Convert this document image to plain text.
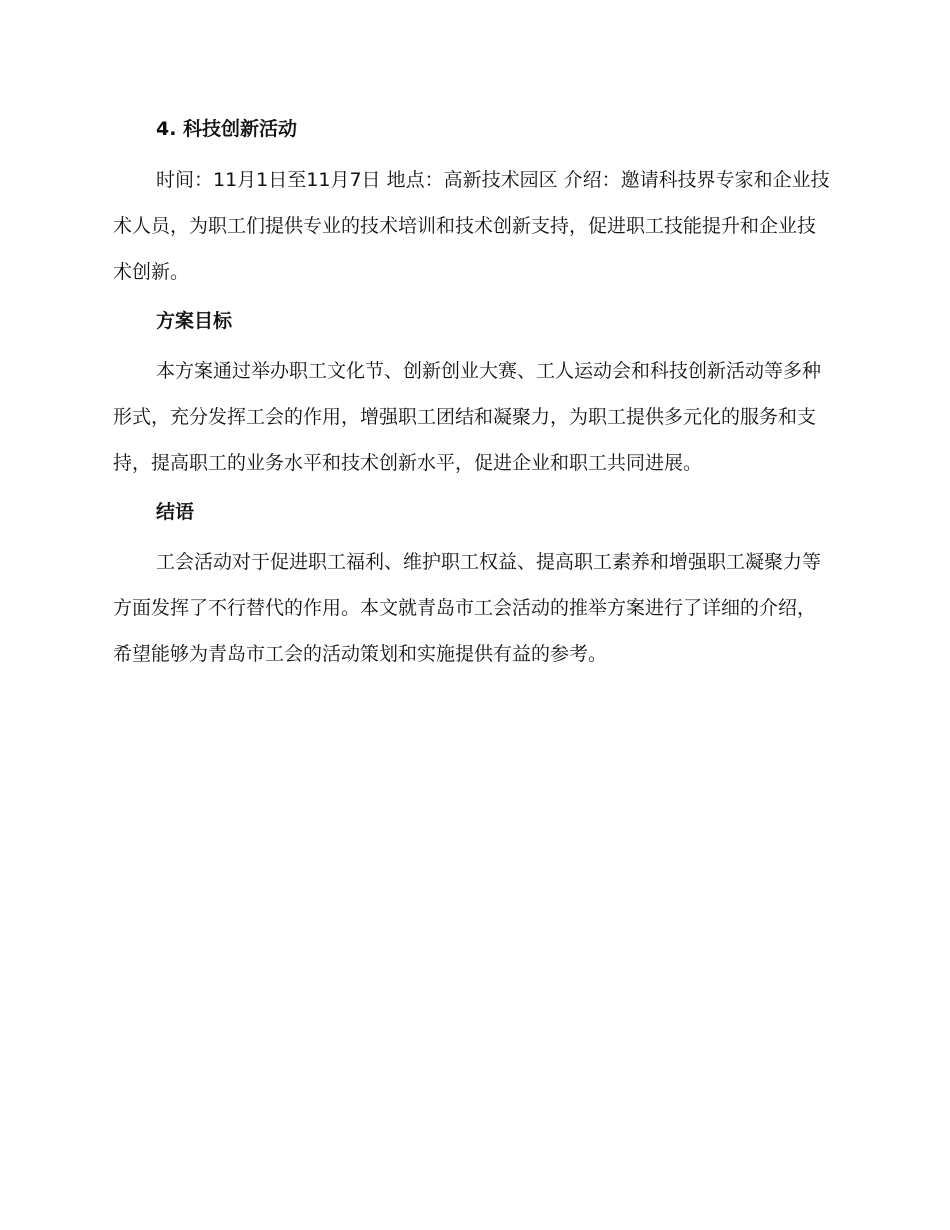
4. 科技创新活动

时间：11月1日至11月7日 地点：高新技术园区 介绍：邀请科技界专家和企业技术人员，为职工们提供专业的技术培训和技术创新支持，促进职工技能提升和企业技术创新。

方案目标

本方案通过举办职工文化节、创新创业大赛、工人运动会和科技创新活动等多种形式，充分发挥工会的作用，增强职工团结和凝聚力，为职工提供多元化的服务和支持，提高职工的业务水平和技术创新水平，促进企业和职工共同进展。

结语

工会活动对于促进职工福利、维护职工权益、提高职工素养和增强职工凝聚力等方面发挥了不行替代的作用。本文就青岛市工会活动的推举方案进行了详细的介绍，希望能够为青岛市工会的活动策划和实施提供有益的参考。
